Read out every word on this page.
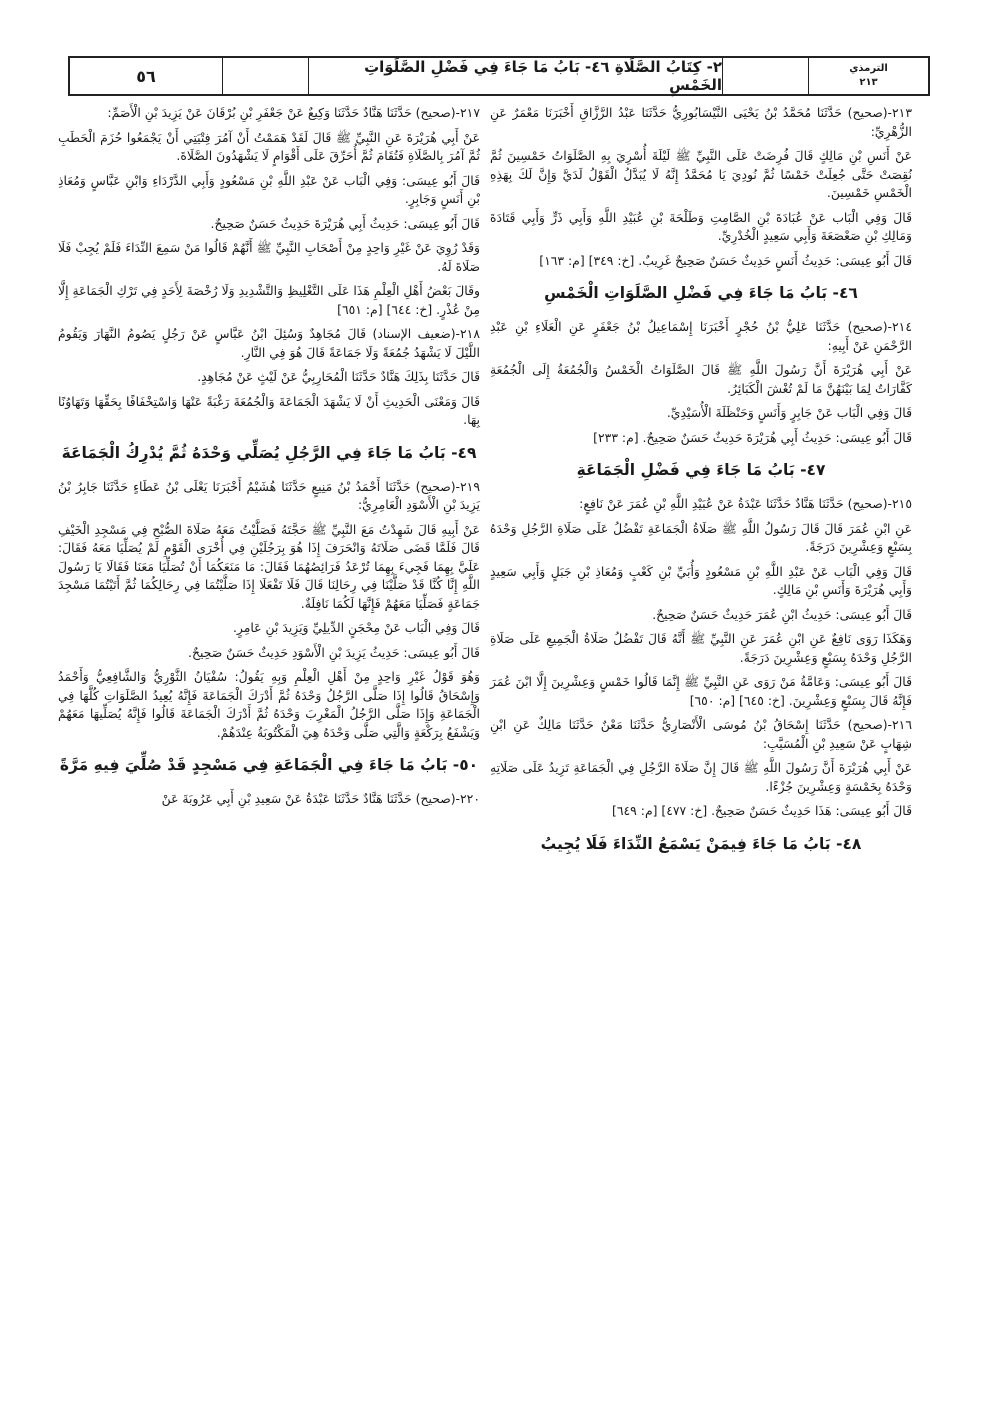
٥٦	٢- كِتَابُ الصَّلَاةِ ٤٦- بَابُ مَا جَاءَ فِي فَضْلِ الصَّلَوَاتِ الخَمْسِ
الترمذي
٢١٣

٢١٣-(صحيح) حَدَّثَنَا مُحَمَّدُ بْنُ يَحْيَى النَّيْسَابُورِيُّ حَدَّثَنَا عَبْدُ الرَّزَّاقِ أَخْبَرَنَا مَعْمَرٌ عَنِ الزُّهْرِيِّ:

عَنْ أَنَسِ بْنِ مَالِكٍ قَالَ فُرِضَتْ عَلَى النَّبِيِّ ﷺ لَيْلَةَ أُسْرِيَ بِهِ الصَّلَوَاتُ خَمْسِينَ ثُمَّ نُقِصَتْ حَتَّى جُعِلَتْ خَمْسًا ثُمَّ نُودِيَ يَا مُحَمَّدُ إِنَّهُ لَا يُبَدَّلُ الْقَوْلُ لَدَيَّ وَإِنَّ لَكَ بِهَذِهِ الْخَمْسِ خَمْسِينَ.

قَالَ وَفِي الْبَاب عَنْ عُبَادَةَ بْنِ الصَّامِتِ وَطَلْحَةَ بْنِ عُبَيْدِ اللَّهِ وَأَبِي ذَرٍّ وَأَبِي قَتَادَةَ وَمَالِكِ بْنِ صَعْصَعَةَ وَأَبِي سَعِيدٍ الْخُدْرِيِّ.

قَالَ أَبُو عِيسَى: حَدِيثُ أَنَسٍ حَدِيثٌ حَسَنٌ صَحِيحٌ غَرِيبٌ. [خ: ٣٤٩] [م: ١٦٣]

٤٦- بَابُ مَا جَاءَ فِي فَضْلِ الصَّلَوَاتِ الْخَمْسِ

٢١٤-(صحيح) حَدَّثَنَا عَلِيُّ بْنُ حُجْرٍ أَخْبَرَنَا إِسْمَاعِيلُ بْنُ جَعْفَرٍ عَنِ الْعَلَاءِ بْنِ عَبْدِ الرَّحْمَنِ عَنْ أَبِيهِ:

عَنْ أَبِي هُرَيْرَةَ أَنَّ رَسُولَ اللَّهِ ﷺ قَالَ الصَّلَوَاتُ الْخَمْسُ وَالْجُمُعَةُ إِلَى الْجُمُعَةِ كَفَّارَاتٌ لِمَا بَيْنَهُنَّ مَا لَمْ تُغْشَ الْكَبَائِرُ.

قَالَ وَفِي الْبَاب عَنْ جَابِرٍ وَأَنَسٍ وَحَنْظَلَةَ الْأُسَيْدِيِّ.

قَالَ أَبُو عِيسَى: حَدِيثُ أَبِي هُرَيْرَةَ حَدِيثٌ حَسَنٌ صَحِيحٌ. [م: ٢٣٣]

٤٧- بَابُ مَا جَاءَ فِي فَضْلِ الْجَمَاعَةِ

٢١٥-(صحيح) حَدَّثَنَا هَنَّادٌ حَدَّثَنَا عَبْدَةُ عَنْ عُبَيْدِ اللَّهِ بْنِ عُمَرَ عَنْ نَافِعٍ:

عَنِ ابْنِ عُمَرَ قَالَ قَالَ رَسُولُ اللَّهِ ﷺ صَلَاةُ الْجَمَاعَةِ تَفْضُلُ عَلَى صَلَاةِ الرَّجُلِ وَحْدَهُ بِسَبْعٍ وَعِشْرِينَ دَرَجَةً.

قَالَ وَفِي الْبَاب عَنْ عَبْدِ اللَّهِ بْنِ مَسْعُودٍ وَأُبَيِّ بْنِ كَعْبٍ وَمُعَاذِ بْنِ جَبَلٍ وَأَبِي سَعِيدٍ وَأَبِي هُرَيْرَةَ وَأَنَسِ بْنِ مَالِكٍ.

قَالَ أَبُو عِيسَى: حَدِيثُ ابْنِ عُمَرَ حَدِيثٌ حَسَنٌ صَحِيحٌ.

وَهَكَذَا رَوَى نَافِعٌ عَنِ ابْنِ عُمَرَ عَنِ النَّبِيِّ ﷺ أَنَّهُ قَالَ تَفْضُلُ صَلَاةُ الْجَمِيعِ عَلَى صَلَاةِ الرَّجُلِ وَحْدَهُ بِسَبْعٍ وَعِشْرِينَ دَرَجَةً.

قَالَ أَبُو عِيسَى: وَعَامَّةُ مَنْ رَوَى عَنِ النَّبِيِّ ﷺ إِنَّمَا قَالُوا خَمْسٍ وَعِشْرِينَ إِلَّا ابْنَ عُمَرَ فَإِنَّهُ قَالَ بِسَبْعٍ وَعِشْرِينَ. [خ: ٦٤٥] [م: ٦٥٠]

٢١٦-(صحيح) حَدَّثَنَا إِسْحَاقُ بْنُ مُوسَى الْأَنْصَارِيُّ حَدَّثَنَا مَعْنٌ حَدَّثَنَا مَالِكٌ عَنِ ابْنِ شِهَابٍ عَنْ سَعِيدِ بْنِ الْمُسَيَّبِ:

عَنْ أَبِي هُرَيْرَةَ أَنَّ رَسُولَ اللَّهِ ﷺ قَالَ إِنَّ صَلَاةَ الرَّجُلِ فِي الْجَمَاعَةِ تَزِيدُ عَلَى صَلَاتِهِ وَحْدَهُ بِخَمْسَةٍ وَعِشْرِينَ جُزْءًا.

قَالَ أَبُو عِيسَى: هَذَا حَدِيثٌ حَسَنٌ صَحِيحٌ. [خ: ٤٧٧] [م: ٦٤٩]

٤٨- بَابُ مَا جَاءَ فِيمَنْ يَسْمَعُ النِّدَاءَ فَلَا يُجِيبُ

٢١٧-(صحيح) حَدَّثَنَا هَنَّادٌ حَدَّثَنَا وَكِيعٌ عَنْ جَعْفَرِ بْنِ بُرْقَانَ عَنْ يَزِيدَ بْنِ الْأَصَمِّ:

عَنْ أَبِي هُرَيْرَةَ عَنِ النَّبِيِّ ﷺ قَالَ لَقَدْ هَمَمْتُ أَنْ آمُرَ فِتْيَتِي أَنْ يَجْمَعُوا حُزَمَ الْحَطَبِ ثُمَّ آمُرَ بِالصَّلَاةِ فَتُقَامَ ثُمَّ أُحَرِّقَ عَلَى أَقْوَامٍ لَا يَشْهَدُونَ الصَّلَاةَ.

قَالَ أَبُو عِيسَى: وَفِي الْبَاب عَنْ عَبْدِ اللَّهِ بْنِ مَسْعُودٍ وَأَبِي الدَّرْدَاءِ وَابْنِ عَبَّاسٍ وَمُعَاذِ بْنِ أَنَسٍ وَجَابِرٍ.

قَالَ أَبُو عِيسَى: حَدِيثُ أَبِي هُرَيْرَةَ حَدِيثٌ حَسَنٌ صَحِيحٌ.

وَقَدْ رُوِيَ عَنْ غَيْرِ وَاحِدٍ مِنْ أَصْحَابِ النَّبِيِّ ﷺ أَنَّهُمْ قَالُوا مَنْ سَمِعَ النِّدَاءَ فَلَمْ يُجِبْ فَلَا صَلَاةَ لَهُ.

وقَالَ بَعْضُ أَهْلِ الْعِلْمِ هَذَا عَلَى التَّغْلِيظِ وَالتَّشْدِيدِ وَلَا رُخْصَةَ لِأَحَدٍ فِي تَرْكِ الْجَمَاعَةِ إِلَّا مِنْ عُذْرٍ. [خ: ٦٤٤] [م: ٦٥١]

٢١٨-(ضعيف الإسناد) قَالَ مُجَاهِدٌ وَسُئِلَ ابْنُ عَبَّاسٍ عَنْ رَجُلٍ يَصُومُ النَّهَارَ وَيَقُومُ اللَّيْلَ لَا يَشْهَدُ جُمُعَةً وَلَا جَمَاعَةً قَالَ هُوَ فِي النَّارِ.

قَالَ حَدَّثَنَا بِذَلِكَ هَنَّادٌ حَدَّثَنَا الْمُحَارِبِيُّ عَنْ لَيْثٍ عَنْ مُجَاهِدٍ.

قَالَ وَمَعْنَى الْحَدِيثِ أَنْ لَا يَشْهَدَ الْجَمَاعَةَ وَالْجُمُعَةَ رَغْبَةً عَنْهَا وَاسْتِخْفَافًا بِحَقِّهَا وَتَهَاوُنًا بِهَا.

٤٩- بَابُ مَا جَاءَ فِي الرَّجُلِ يُصَلِّي وَحْدَهُ ثُمَّ يُدْرِكُ الْجَمَاعَةَ

٢١٩-(صحيح) حَدَّثَنَا أَحْمَدُ بْنُ مَنِيعٍ حَدَّثَنَا هُشَيْمٌ أَخْبَرَنَا يَعْلَى بْنُ عَطَاءٍ حَدَّثَنَا جَابِرُ بْنُ يَزِيدَ بْنِ الْأَسْوَدِ الْعَامِرِيُّ:

عَنْ أَبِيهِ قَالَ شَهِدْتُ مَعَ النَّبِيِّ ﷺ حَجَّتَهُ فَصَلَّيْتُ مَعَهُ صَلَاةَ الصُّبْحِ فِي مَسْجِدِ الْخَيْفِ قَالَ فَلَمَّا قَضَى صَلَاتَهُ وَانْحَرَفَ إِذَا هُوَ بِرَجُلَيْنِ فِي أُخْرَى الْقَوْمِ لَمْ يُصَلِّيَا مَعَهُ فَقَالَ: عَلَيَّ بِهِمَا فَجِيءَ بِهِمَا تُرْعَدُ فَرَائِصُهُمَا فَقَالَ: مَا مَنَعَكُمَا أَنْ تُصَلِّيَا مَعَنَا فَقَالَا يَا رَسُولَ اللَّهِ إِنَّا كُنَّا قَدْ صَلَّيْنَا فِي رِحَالِنَا قَالَ فَلَا تَفْعَلَا إِذَا صَلَّيْتُمَا فِي رِحَالِكُمَا ثُمَّ أَتَيْتُمَا مَسْجِدَ جَمَاعَةٍ فَصَلِّيَا مَعَهُمْ فَإِنَّهَا لَكُمَا نَافِلَةٌ.

قَالَ وَفِي الْبَاب عَنْ مِحْجَنٍ الدِّيلِيِّ وَيَزِيدَ بْنِ عَامِرٍ.

قَالَ أَبُو عِيسَى: حَدِيثُ يَزِيدَ بْنِ الْأَسْوَدِ حَدِيثٌ حَسَنٌ صَحِيحٌ.

وَهُوَ قَوْلُ غَيْرِ وَاحِدٍ مِنْ أَهْلِ الْعِلْمِ وَبِهِ يَقُولُ: سُفْيَانُ الثَّوْرِيُّ وَالشَّافِعِيُّ وَأَحْمَدُ وَإِسْحَاقُ قَالُوا إِذَا صَلَّى الرَّجُلُ وَحْدَهُ ثُمَّ أَدْرَكَ الْجَمَاعَةَ فَإِنَّهُ يُعِيدُ الصَّلَوَاتِ كُلَّهَا فِي الْجَمَاعَةِ وَإِذَا صَلَّى الرَّجُلُ الْمَغْرِبَ وَحْدَهُ ثُمَّ أَدْرَكَ الْجَمَاعَةَ قَالُوا فَإِنَّهُ يُصَلِّيهَا مَعَهُمْ وَيَشْفَعُ بِرَكْعَةٍ وَالَّتِي صَلَّى وَحْدَهُ هِيَ الْمَكْتُوبَةُ عِنْدَهُمْ.

٥٠- بَابُ مَا جَاءَ فِي الْجَمَاعَةِ فِي مَسْجِدٍ قَدْ صُلِّيَ فِيهِ مَرَّةً

٢٢٠-(صحيح) حَدَّثَنَا هَنَّادٌ حَدَّثَنَا عَبْدَةُ عَنْ سَعِيدِ بْنِ أَبِي عَرُوبَةَ عَنْ
